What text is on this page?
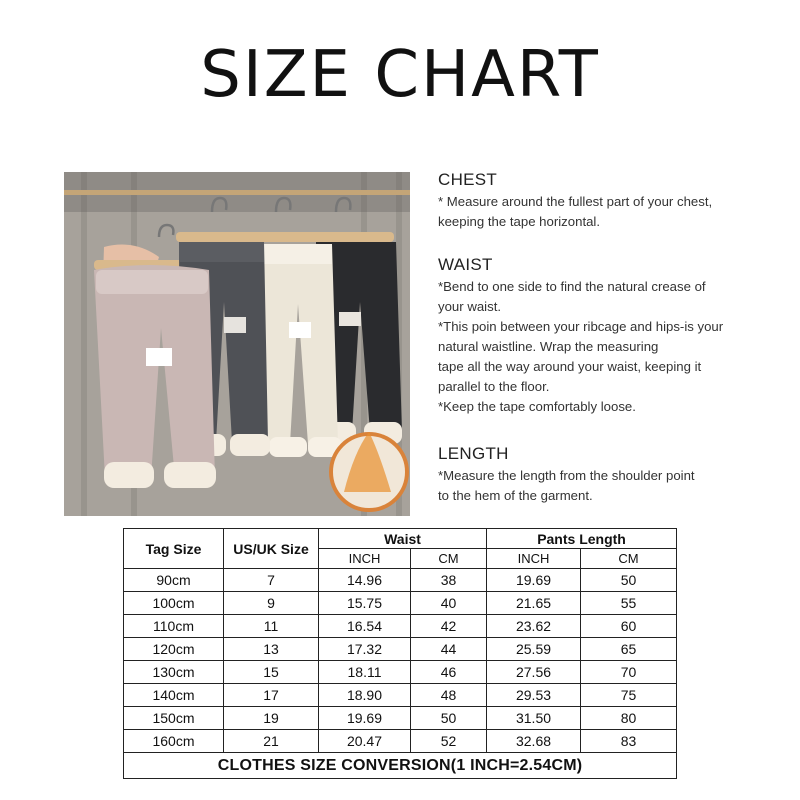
SIZE CHART
CHEST

* Measure around the fullest part of your chest,

keeping the tape horizontal.

WAIST

*Bend to one side to find the natural crease of

your waist.

*This poin between your ribcage and hips-is your

natural waistline. Wrap the measuring

tape all the way around your waist, keeping it

parallel to the floor.

*Keep the tape comfortably loose.

LENGTH

*Measure the length from the shoulder point

to the hem of the garment.

Tag Size	US/UK Size	Waist		Pants Length	
		INCH	CM	INCH	CM
90cm	7	14.96	38	19.69	50
100cm	9	15.75	40	21.65	55
110cm	11	16.54	42	23.62	60
120cm	13	17.32	44	25.59	65
130cm	15	18.11	46	27.56	70
140cm	17	18.90	48	29.53	75
150cm	19	19.69	50	31.50	80
160cm	21	20.47	52	32.68	83
CLOTHES SIZE CONVERSION(1 INCH=2.54CM)					
